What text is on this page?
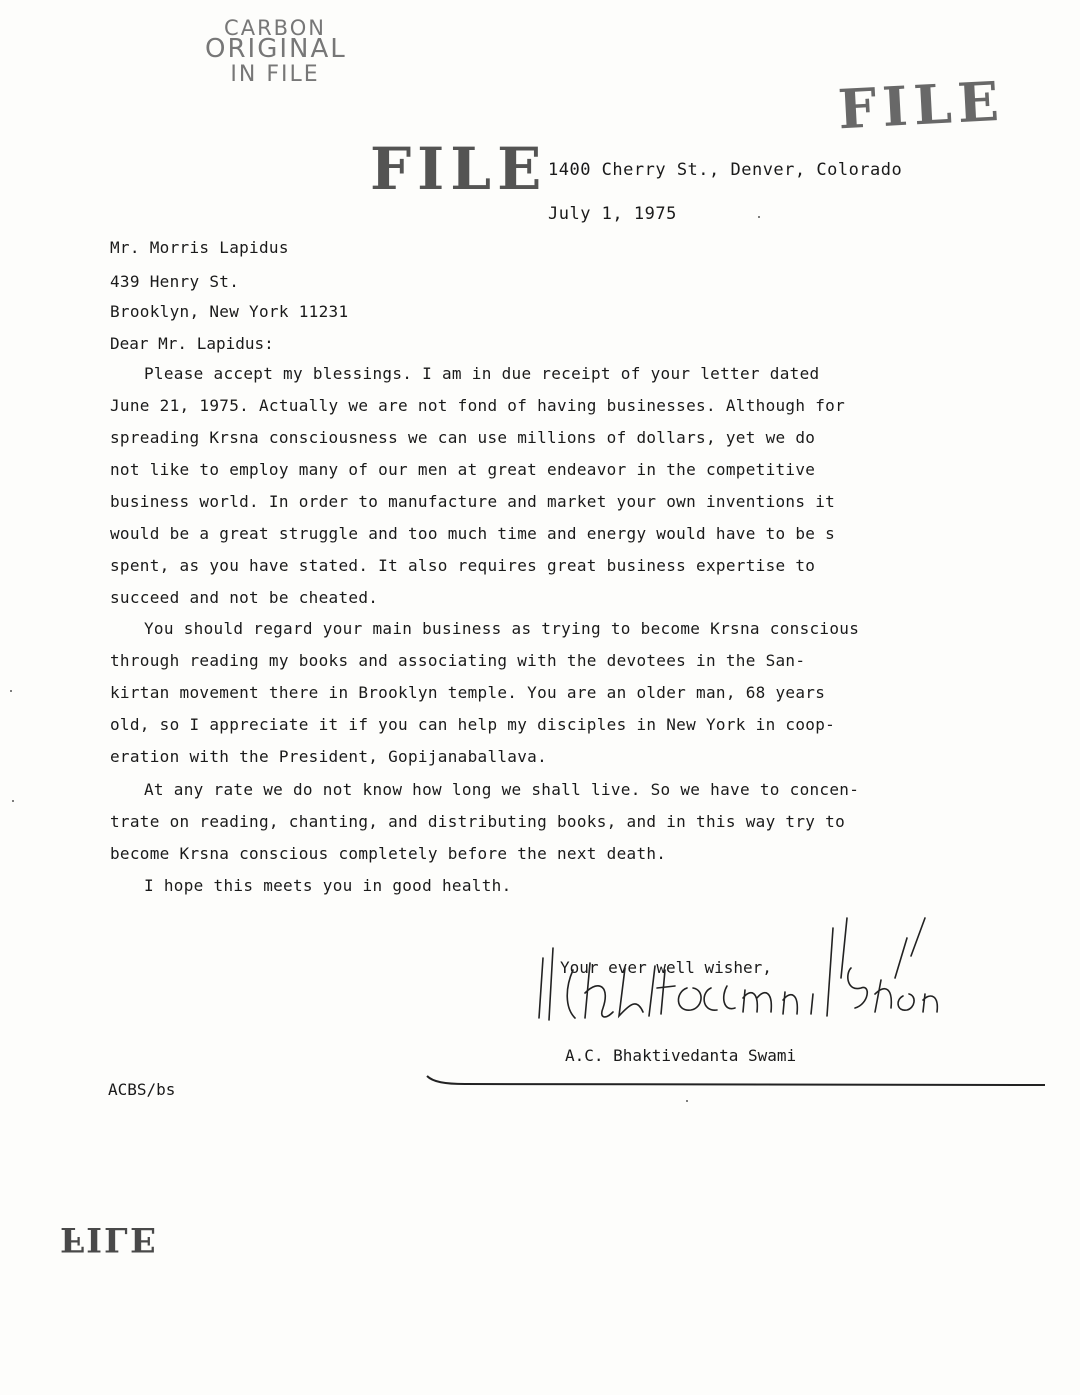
CARBON
ORIGINAL
IN FILE	FILE
FILE
FILE
1400 Cherry St., Denver, Colorado
July 1, 1975
Mr. Morris Lapidus
439 Henry St.
Brooklyn, New York 11231
Dear Mr. Lapidus:
Please accept my blessings. I am in due receipt of your letter dated
June 21, 1975. Actually we are not fond of having businesses. Although for
spreading Krsna consciousness we can use millions of dollars, yet we do
not like to employ many of our men at great endeavor in the competitive
business world. In order to manufacture and market your own inventions it
would be a great struggle and too much time and energy would have to be s
spent, as you have stated. It also requires great business expertise to
succeed and not be cheated.
You should regard your main business as trying to become Krsna conscious
through reading my books and associating with the devotees in the San-
kirtan movement there in Brooklyn temple. You are an older man, 68 years
old, so I appreciate it if you can help my disciples in New York in coop-
eration with the President, Gopijanaballava.
At any rate we do not know how long we shall live. So we have to concen-
trate on reading, chanting, and distributing books, and in this way try to
become Krsna conscious completely before the next death.
I hope this meets you in good health.
Your ever well wisher,
A.C. Bhaktivedanta Swami
ACBS/bs
